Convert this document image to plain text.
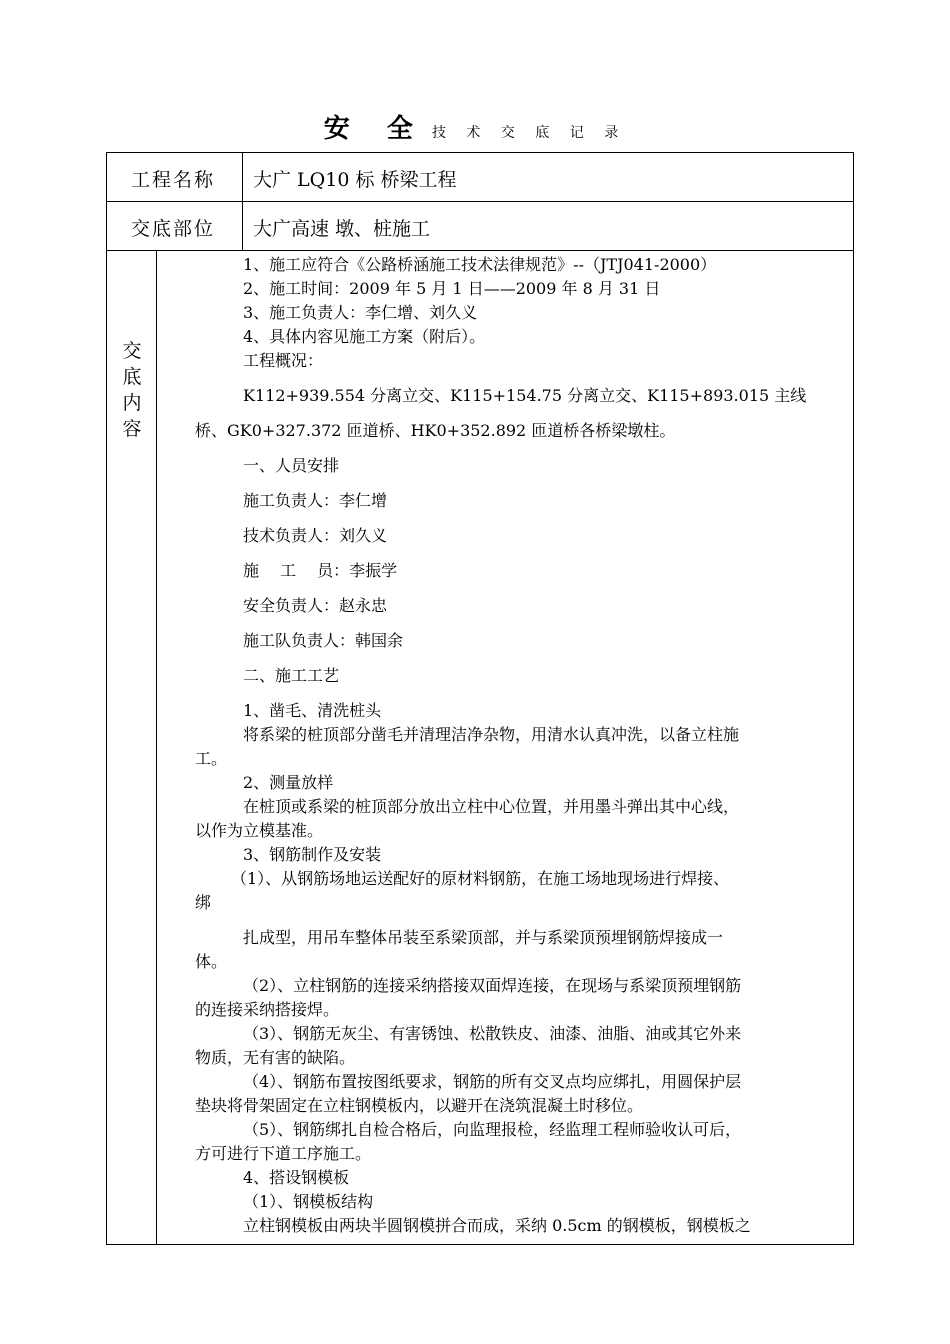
安 全 技 术 交 底 记 录
工程名称 大广 LQ10 标 桥梁工程
交底部位 大广高速 墩、桩施工
交底内容

1、施工应符合《公路桥涵施工技术法律规范》--（JTJ041-2000）

2、施工时间：2009 年 5 月 1 日——2009 年 8 月 31 日

3、施工负责人：李仁增、刘久义

4、具体内容见施工方案（附后）。

工程概况：

K112+939.554 分离立交、K115+154.75 分离立交、K115+893.015 主线

桥、GK0+327.372 匝道桥、HK0+352.892 匝道桥各桥梁墩柱。

一、人员安排

施工负责人：李仁增

技术负责人：刘久义

施　 工　 员：李振学

安全负责人：赵永忠

施工队负责人：韩国余

二、施工工艺

1、凿毛、清洗桩头

将系梁的桩顶部分凿毛并清理洁净杂物，用清水认真冲洗，以备立柱施

工。

2、测量放样

在桩顶或系梁的桩顶部分放出立柱中心位置，并用墨斗弹出其中心线，

以作为立模基准。

3、钢筋制作及安装

（1）、从钢筋场地运送配好的原材料钢筋，在施工场地现场进行焊接、

绑

扎成型，用吊车整体吊装至系梁顶部，并与系梁顶预埋钢筋焊接成一

体。

（2）、立柱钢筋的连接采纳搭接双面焊连接，在现场与系梁顶预埋钢筋

的连接采纳搭接焊。

（3）、钢筋无灰尘、有害锈蚀、松散铁皮、油漆、油脂、油或其它外来

物质，无有害的缺陷。

（4）、钢筋布置按图纸要求，钢筋的所有交叉点均应绑扎，用圆保护层

垫块将骨架固定在立柱钢模板内，以避开在浇筑混凝土时移位。

（5）、钢筋绑扎自检合格后，向监理报检，经监理工程师验收认可后，

方可进行下道工序施工。

4、搭设钢模板

（1）、钢模板结构

立柱钢模板由两块半圆钢模拼合而成，采纳 0.5cm 的钢模板，钢模板之
